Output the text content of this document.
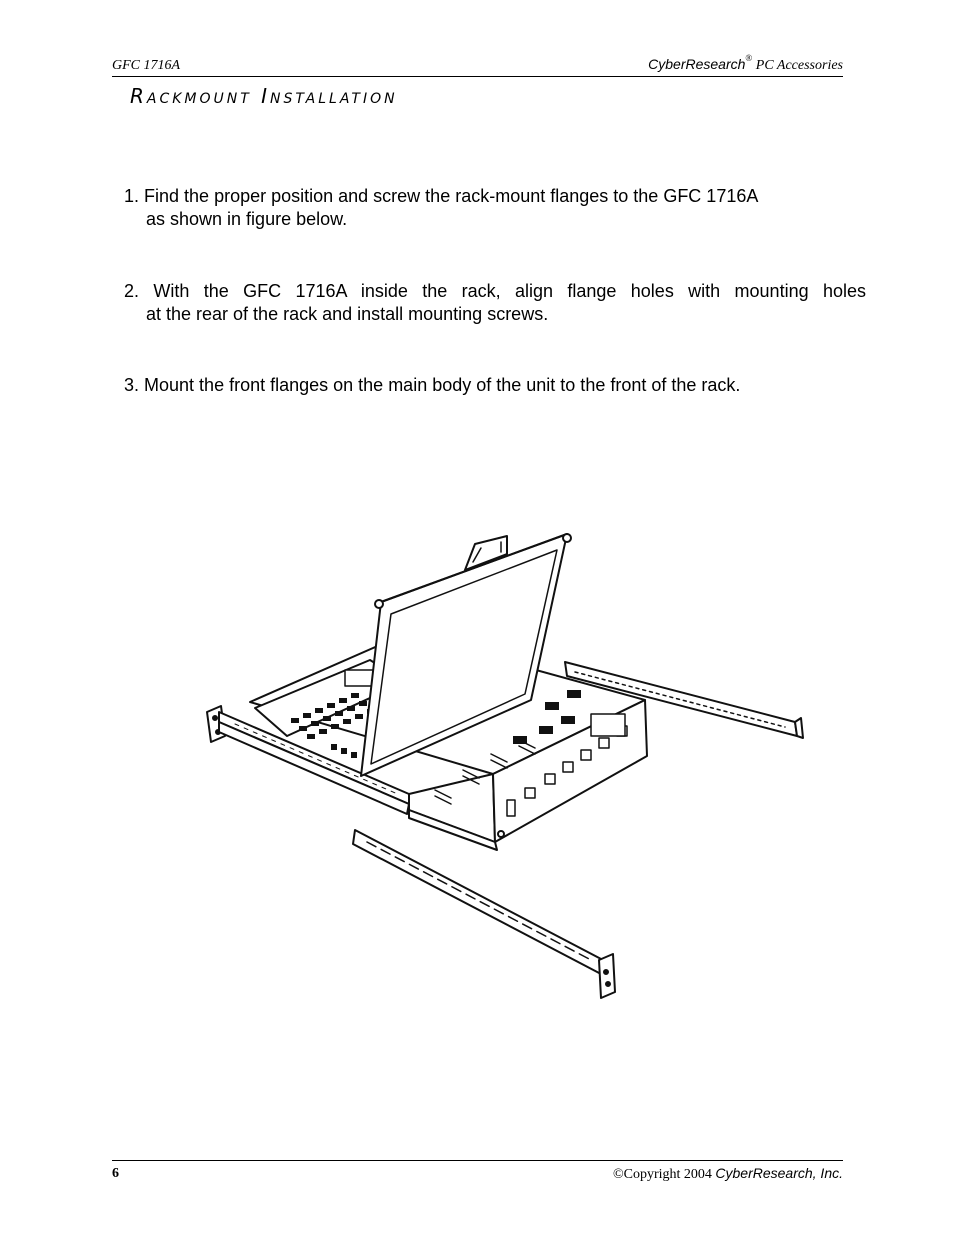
GFC 1716A	CyberResearch® PC Accessories
Rackmount Installation

1. Find the proper position and screw the rack-mount flanges to the GFC 1716A
as shown in figure below.

2. With the GFC 1716A inside the rack, align flange holes with mounting holes
at the rear of the rack and install mounting screws.

3. Mount the front flanges on the main body of the unit to the front of the rack.

6	©Copyright 2004 CyberResearch, Inc.
